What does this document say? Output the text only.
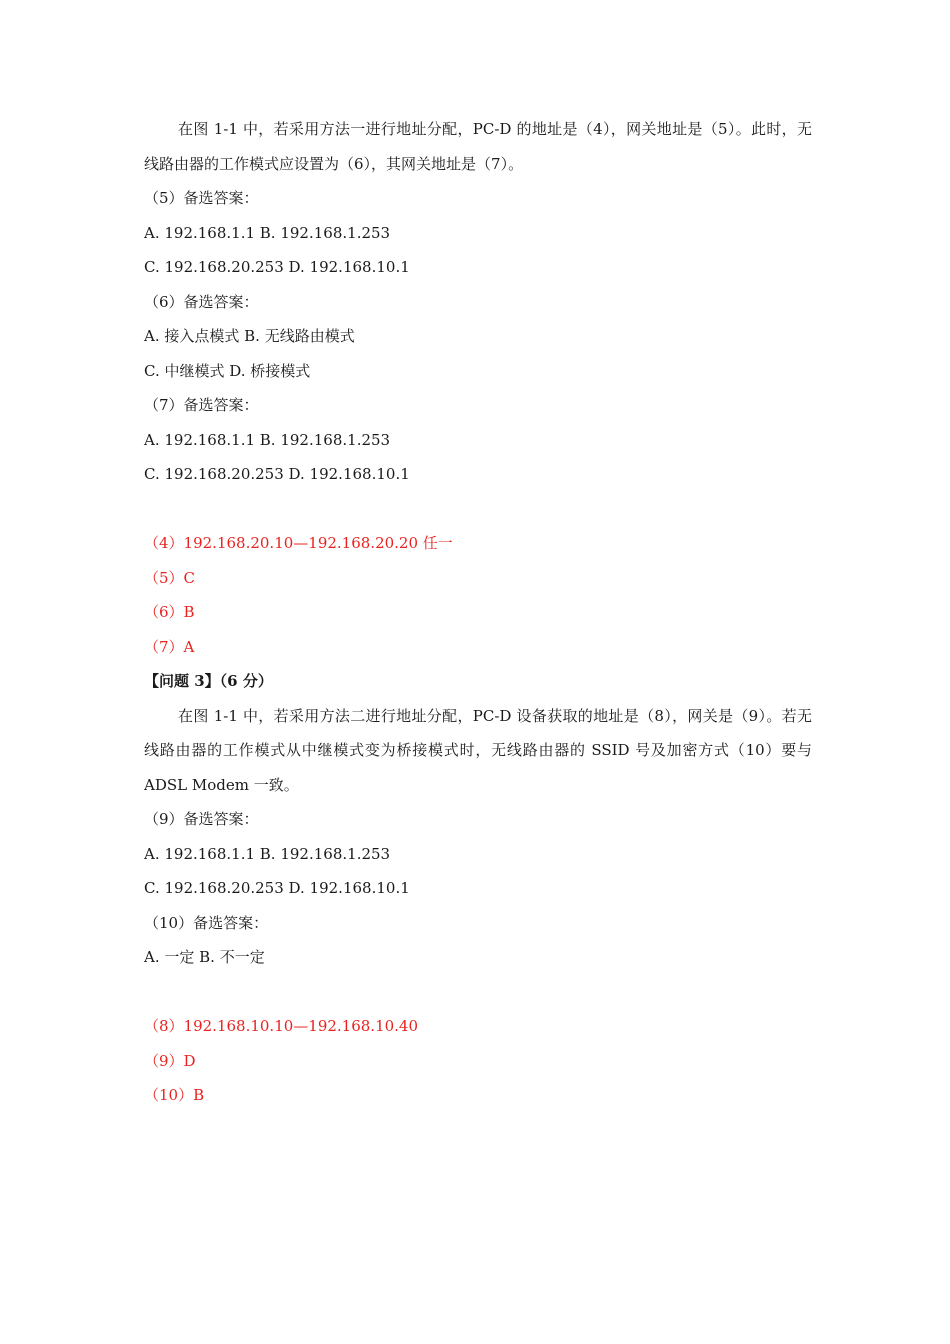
在图 1-1 中，若采用方法一进行地址分配，PC-D 的地址是（4），网关地址是（5）。此时，无线路由器的工作模式应设置为（6），其网关地址是（7）。
（5）备选答案：
A. 192.168.1.1 B. 192.168.1.253
C. 192.168.20.253 D. 192.168.10.1
（6）备选答案：
A. 接入点模式 B. 无线路由模式
C. 中继模式 D. 桥接模式
（7）备选答案：
A. 192.168.1.1 B. 192.168.1.253
C. 192.168.20.253 D. 192.168.10.1
（4）192.168.20.10—192.168.20.20 任一
（5）C
（6）B
（7）A
【问题 3】（6 分）
在图 1-1 中，若采用方法二进行地址分配，PC-D 设备获取的地址是（8），网关是（9）。若无线路由器的工作模式从中继模式变为桥接模式时，无线路由器的 SSID 号及加密方式（10）要与 ADSL Modem 一致。
（9）备选答案：
A. 192.168.1.1 B. 192.168.1.253
C. 192.168.20.253 D. 192.168.10.1
（10）备选答案：
A. 一定 B. 不一定
（8）192.168.10.10—192.168.10.40
（9）D
（10）B
